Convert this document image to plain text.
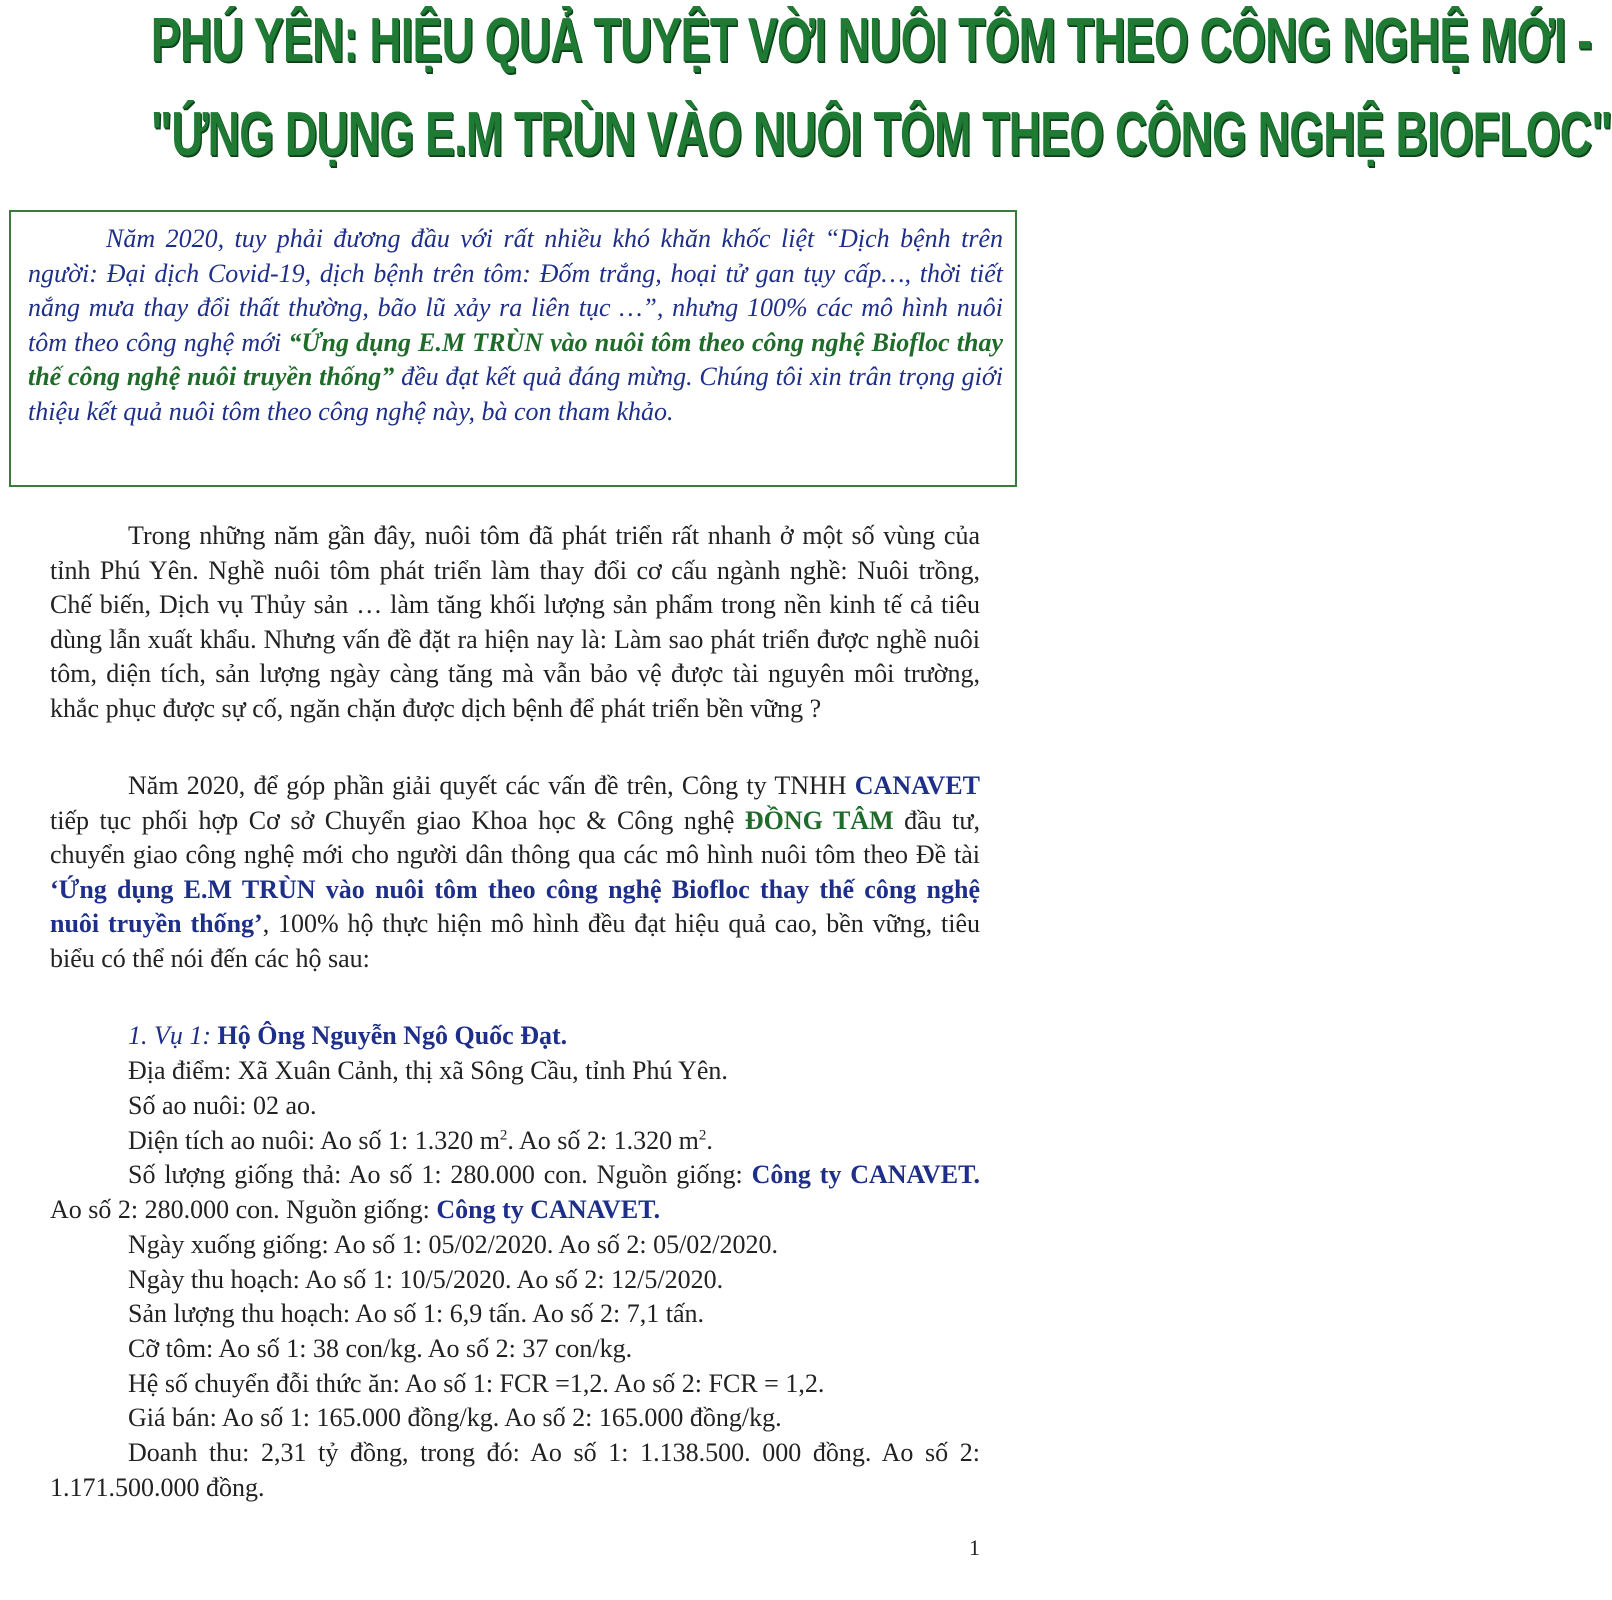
PHÚ YÊN: HIỆU QUẢ TUYỆT VỜI NUÔI TÔM THEO CÔNG NGHỆ MỚI -
"ỨNG DỤNG E.M TRÙN VÀO NUÔI TÔM THEO CÔNG NGHỆ BIOFLOC"

Năm 2020, tuy phải đương đầu với rất nhiều khó khăn khốc liệt “Dịch bệnh trên người: Đại dịch Covid-19, dịch bệnh trên tôm: Đốm trắng, hoại tử gan tụy cấp…, thời tiết nắng mưa thay đổi thất thường, bão lũ xảy ra liên tục …”, nhưng 100% các mô hình nuôi tôm theo công nghệ mới “Ứng dụng E.M TRÙN vào nuôi tôm theo công nghệ Biofloc thay thế công nghệ nuôi truyền thống” đều đạt kết quả đáng mừng. Chúng tôi xin trân trọng giới thiệu kết quả nuôi tôm theo công nghệ này, bà con tham khảo.

Trong những năm gần đây, nuôi tôm đã phát triển rất nhanh ở một số vùng của tỉnh Phú Yên. Nghề nuôi tôm phát triển làm thay đổi cơ cấu ngành nghề: Nuôi trồng, Chế biến, Dịch vụ Thủy sản … làm tăng khối lượng sản phẩm trong nền kinh tế cả tiêu dùng lẫn xuất khẩu. Nhưng vấn đề đặt ra hiện nay là: Làm sao phát triển được nghề nuôi tôm, diện tích, sản lượng ngày càng tăng mà vẫn bảo vệ được tài nguyên môi trường, khắc phục được sự cố, ngăn chặn được dịch bệnh để phát triển bền vững ?

Năm 2020, để góp phần giải quyết các vấn đề trên, Công ty TNHH CANAVET tiếp tục phối hợp Cơ sở Chuyển giao Khoa học & Công nghệ ĐỒNG TÂM đầu tư, chuyển giao công nghệ mới cho người dân thông qua các mô hình nuôi tôm theo Đề tài ‘Ứng dụng E.M TRÙN vào nuôi tôm theo công nghệ Biofloc thay thế công nghệ nuôi truyền thống’, 100% hộ thực hiện mô hình đều đạt hiệu quả cao, bền vững, tiêu biểu có thể nói đến các hộ sau:

1. Vụ 1: Hộ Ông Nguyễn Ngô Quốc Đạt.
Địa điểm: Xã Xuân Cảnh, thị xã Sông Cầu, tỉnh Phú Yên.
Số ao nuôi: 02 ao.
Diện tích ao nuôi: Ao số 1: 1.320 $m^2$. Ao số 2: 1.320 $m^2$.

Số lượng giống thả: Ao số 1: 280.000 con. Nguồn giống: Công ty CANAVET. Ao số 2: 280.000 con. Nguồn giống: Công ty CANAVET.

Ngày xuống giống: Ao số 1: 05/02/2020. Ao số 2: 05/02/2020.
Ngày thu hoạch: Ao số 1: 10/5/2020. Ao số 2: 12/5/2020.
Sản lượng thu hoạch: Ao số 1: 6,9 tấn. Ao số 2: 7,1 tấn.
Cỡ tôm: Ao số 1: 38 con/kg. Ao số 2: 37 con/kg.
Hệ số chuyển đỗi thức ăn: Ao số 1: FCR =1,2. Ao số 2: FCR = 1,2.
Giá bán: Ao số 1: 165.000 đồng/kg. Ao số 2: 165.000 đồng/kg.

Doanh thu: 2,31 tỷ đồng, trong đó: Ao số 1: 1.138.500. 000 đồng. Ao số 2: 1.171.500.000 đồng.

1
